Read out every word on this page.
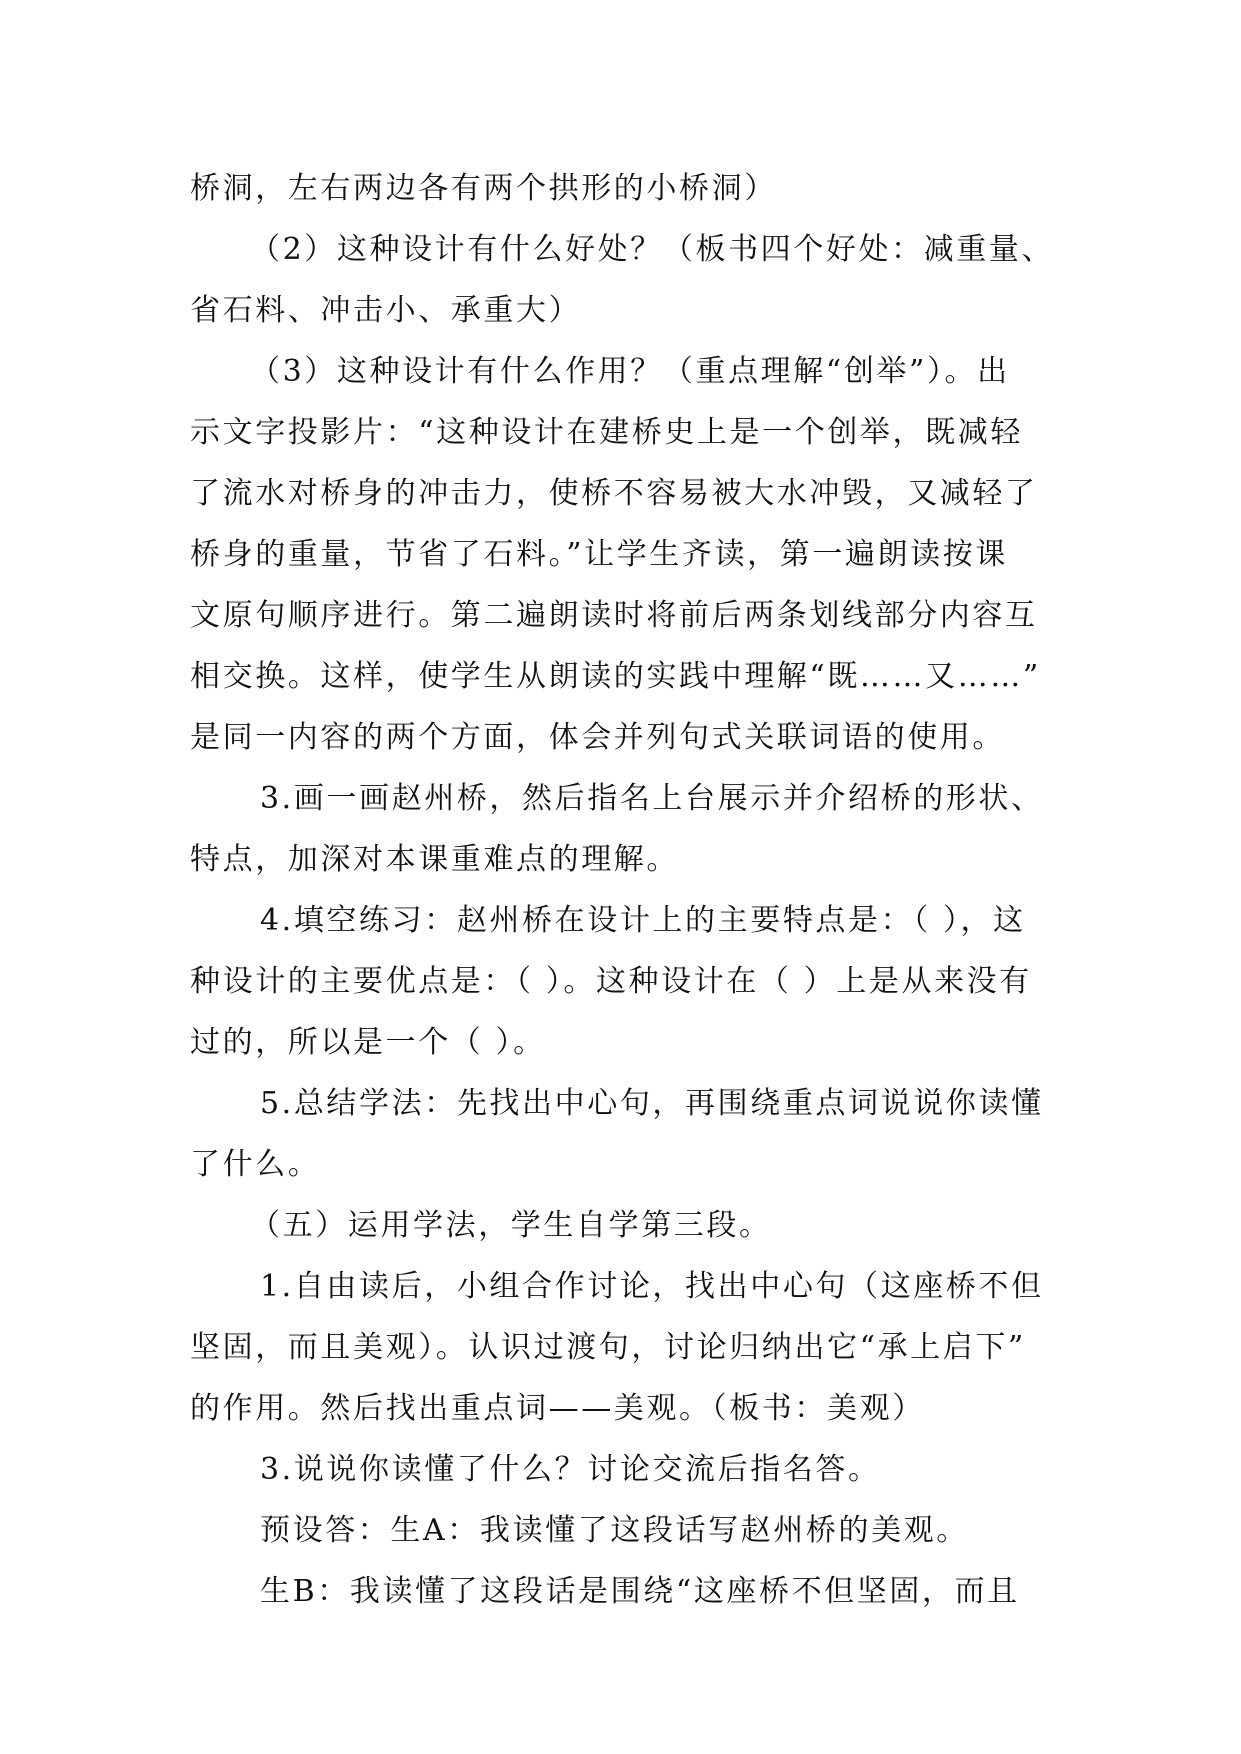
桥洞，左右两边各有两个拱形的小桥洞）
（2）这种设计有什么好处？（板书四个好处：减重量、
省石料、冲击小、承重大）
（3）这种设计有什么作用？（重点理解“创举”）。出
示文字投影片：“这种设计在建桥史上是一个创举，既减轻
了流水对桥身的冲击力，使桥不容易被大水冲毁，又减轻了
桥身的重量，节省了石料。”让学生齐读，第一遍朗读按课
文原句顺序进行。第二遍朗读时将前后两条划线部分内容互
相交换。这样，使学生从朗读的实践中理解“既……又……”
是同一内容的两个方面，体会并列句式关联词语的使用。
3.画一画赵州桥，然后指名上台展示并介绍桥的形状、
特点，加深对本课重难点的理解。
4.填空练习：赵州桥在设计上的主要特点是：（ ），这
种设计的主要优点是：（ ）。这种设计在（ ）上是从来没有
过的，所以是一个（ ）。
5.总结学法：先找出中心句，再围绕重点词说说你读懂
了什么。
（五）运用学法，学生自学第三段。
1.自由读后，小组合作讨论，找出中心句（这座桥不但
坚固，而且美观）。认识过渡句，讨论归纳出它“承上启下”
的作用。然后找出重点词——美观。（板书：美观）
3.说说你读懂了什么？讨论交流后指名答。
预设答：生A：我读懂了这段话写赵州桥的美观。
生B：我读懂了这段话是围绕“这座桥不但坚固，而且
